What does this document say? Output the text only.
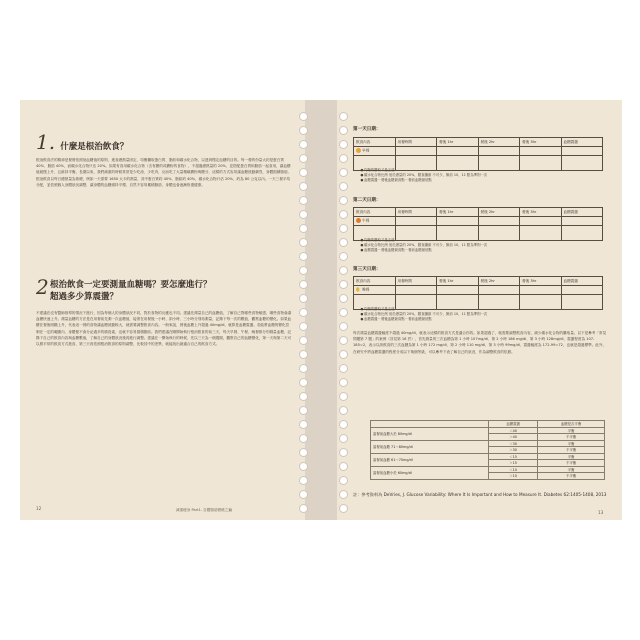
1. 什麼是根治飲食？
根治飲食法的精神是餐餐依照低血糖值的原則，進食總熱量固定，均衡攝取蛋白質、脂肪和碳水化合物，以達到穩定血糖的目的。每一餐的份量大約是蛋白質 40%、脂肪 40%，而碳水化合物只佔 20%。如果有食用碳水化合物（含有糖的或澱粉的食物），不超過總熱量的 20%，並搭配蛋白質和脂肪一起食用，讓血糖值緩慢上升，且維持平衡。長期以來，我們減重的時候常常是少吃油、少吃肉，反而吃了大量精緻澱粉與糖分，這樣的方式容易讓血糖波動劇烈，身體囤積脂肪。根治飲食以每日總熱量為基礎，例如一天需要 1650 大卡的熱量，其中蛋白質約 40%、脂肪約 40%，碳水化合物只佔 20%，約為 80 公克以內。一天三餐平均分配，並依照個人身體狀況調整，讓身體的血糖維持平穩，自然不容易累積脂肪，身體也會逐漸恢復健康。
2.
根治飲食一定要測量血糖嗎？要怎麼進行？
超過多少算震盪？
不建議在沒有醫師指導的情況下進行，因為每個人的身體狀況不同，對於食物的反應也不同。建議先測量自己的血糖值，了解自己對哪些食物敏感，哪些食物會讓血糖快速上升。測量血糖的方法是在用餐前先測一次血糖值，接著在用餐後一小時、兩小時、三小時分別再測量，記錄下每一次的數值，觀察血糖的變化。如果血糖在餐後明顯上升，代表這一餐的食物讓血糖波動較大，就需要調整飲食內容。一般來說，餐後血糖上升超過 40mg/dl，就算是血糖震盪。若能將血糖的變化控制在一定的範圍內，身體便不會分泌過多的胰島素，也就不容易囤積脂肪。我們建議在剛開始執行根治飲食的前三天，每天早餐、午餐、晚餐都分別測量血糖，記錄下自己的飲食內容與血糖數值，了解自己的身體狀況後再進行調整。建議在一開始執行的時候，先以三天為一個週期，觀察自己的血糖變化，第一天與第二天可以照平常的飲食方式進食，第三天再依照根治飲食的原則調整，比較其中的差異，就能找出最適合自己的飲食方式。
12	減重瘦身 Part1. 自體脂肪燃燒之鑰
第一天日期：
飲食內容	用餐時間	餐後 1hr	餐後 2hr	餐後 3hr	血糖震盪
早餐					

●均衡的攝取才是王道
●碳水化合物比例 低於總量的 20%，膳食纖維 不可少，飯前 10、11 點為準則一次
●血糖震盪－餐後血糖最高點－餐前血糖最低點
第二天日期：
飲食內容	用餐時間	餐後 1hr	餐後 2hr	餐後 3hr	血糖震盪
午餐					

●均衡的攝取才是王道
●碳水化合物比例 低於總量的 20%，膳食纖維 不可少，飯前 10、11 點為準則一次
●血糖震盪－餐後血糖最高點－餐前血糖最低點
第三天日期：
飲食內容	用餐時間	餐後 1hr	餐後 2hr	餐後 3hr	血糖震盪
晚餐					

●均衡的攝取才是王道
●碳水化合物比例 低於總量的 20%，膳食纖維 不可少，飯前 10、11 點為準則一次
●血糖震盪－餐後血糖最高點－餐前血糖最低點
每次測量血糖震盪幅度不超過 40mg/dl，就表示這樣的飲食方式是適合你的。如果超過了，就需要調整飲食內容，減少碳水化合物的攝取量。以下是參考「常見問題第 7 題」的案例（詳見第 16 頁），首先測量的三次血糖為第 1 小時 107mg/dl、第 2 小時 186 mg/dl、第 3 小時 128mg/dl，震盪程度為 107-185=2，表示以該飲食的三次血糖為第 1 小時 172 mg/dl、第 2 小時 110 mg/dl、第 3 小時 99mg/dl，震盪幅度為 172-99=72，也就是超過標準。此外，在研究中將血糖震盪的程度分成以下幾個等級，可以參考下表了解自己的狀況，作為調整飲食的依據。
	血糖震盪	血糖是否平衡
當餐前血糖大於 80mg/dl	＜40	平衡
	＞40	不平衡
當餐前血糖 71～80mg/dl	＜30	平衡
	＞30	不平衡
當餐前血糖 61～70mg/dl	＜15	平衡
	＞15	不平衡
當餐前血糖小於 60mg/dl	＜10	平衡
	＞10	不平衡
註：參考資料為 DeVries, J. Glucose Variability: Where It Is Important and How to Measure It. Diabetes 62:1405-1408, 2013
13
